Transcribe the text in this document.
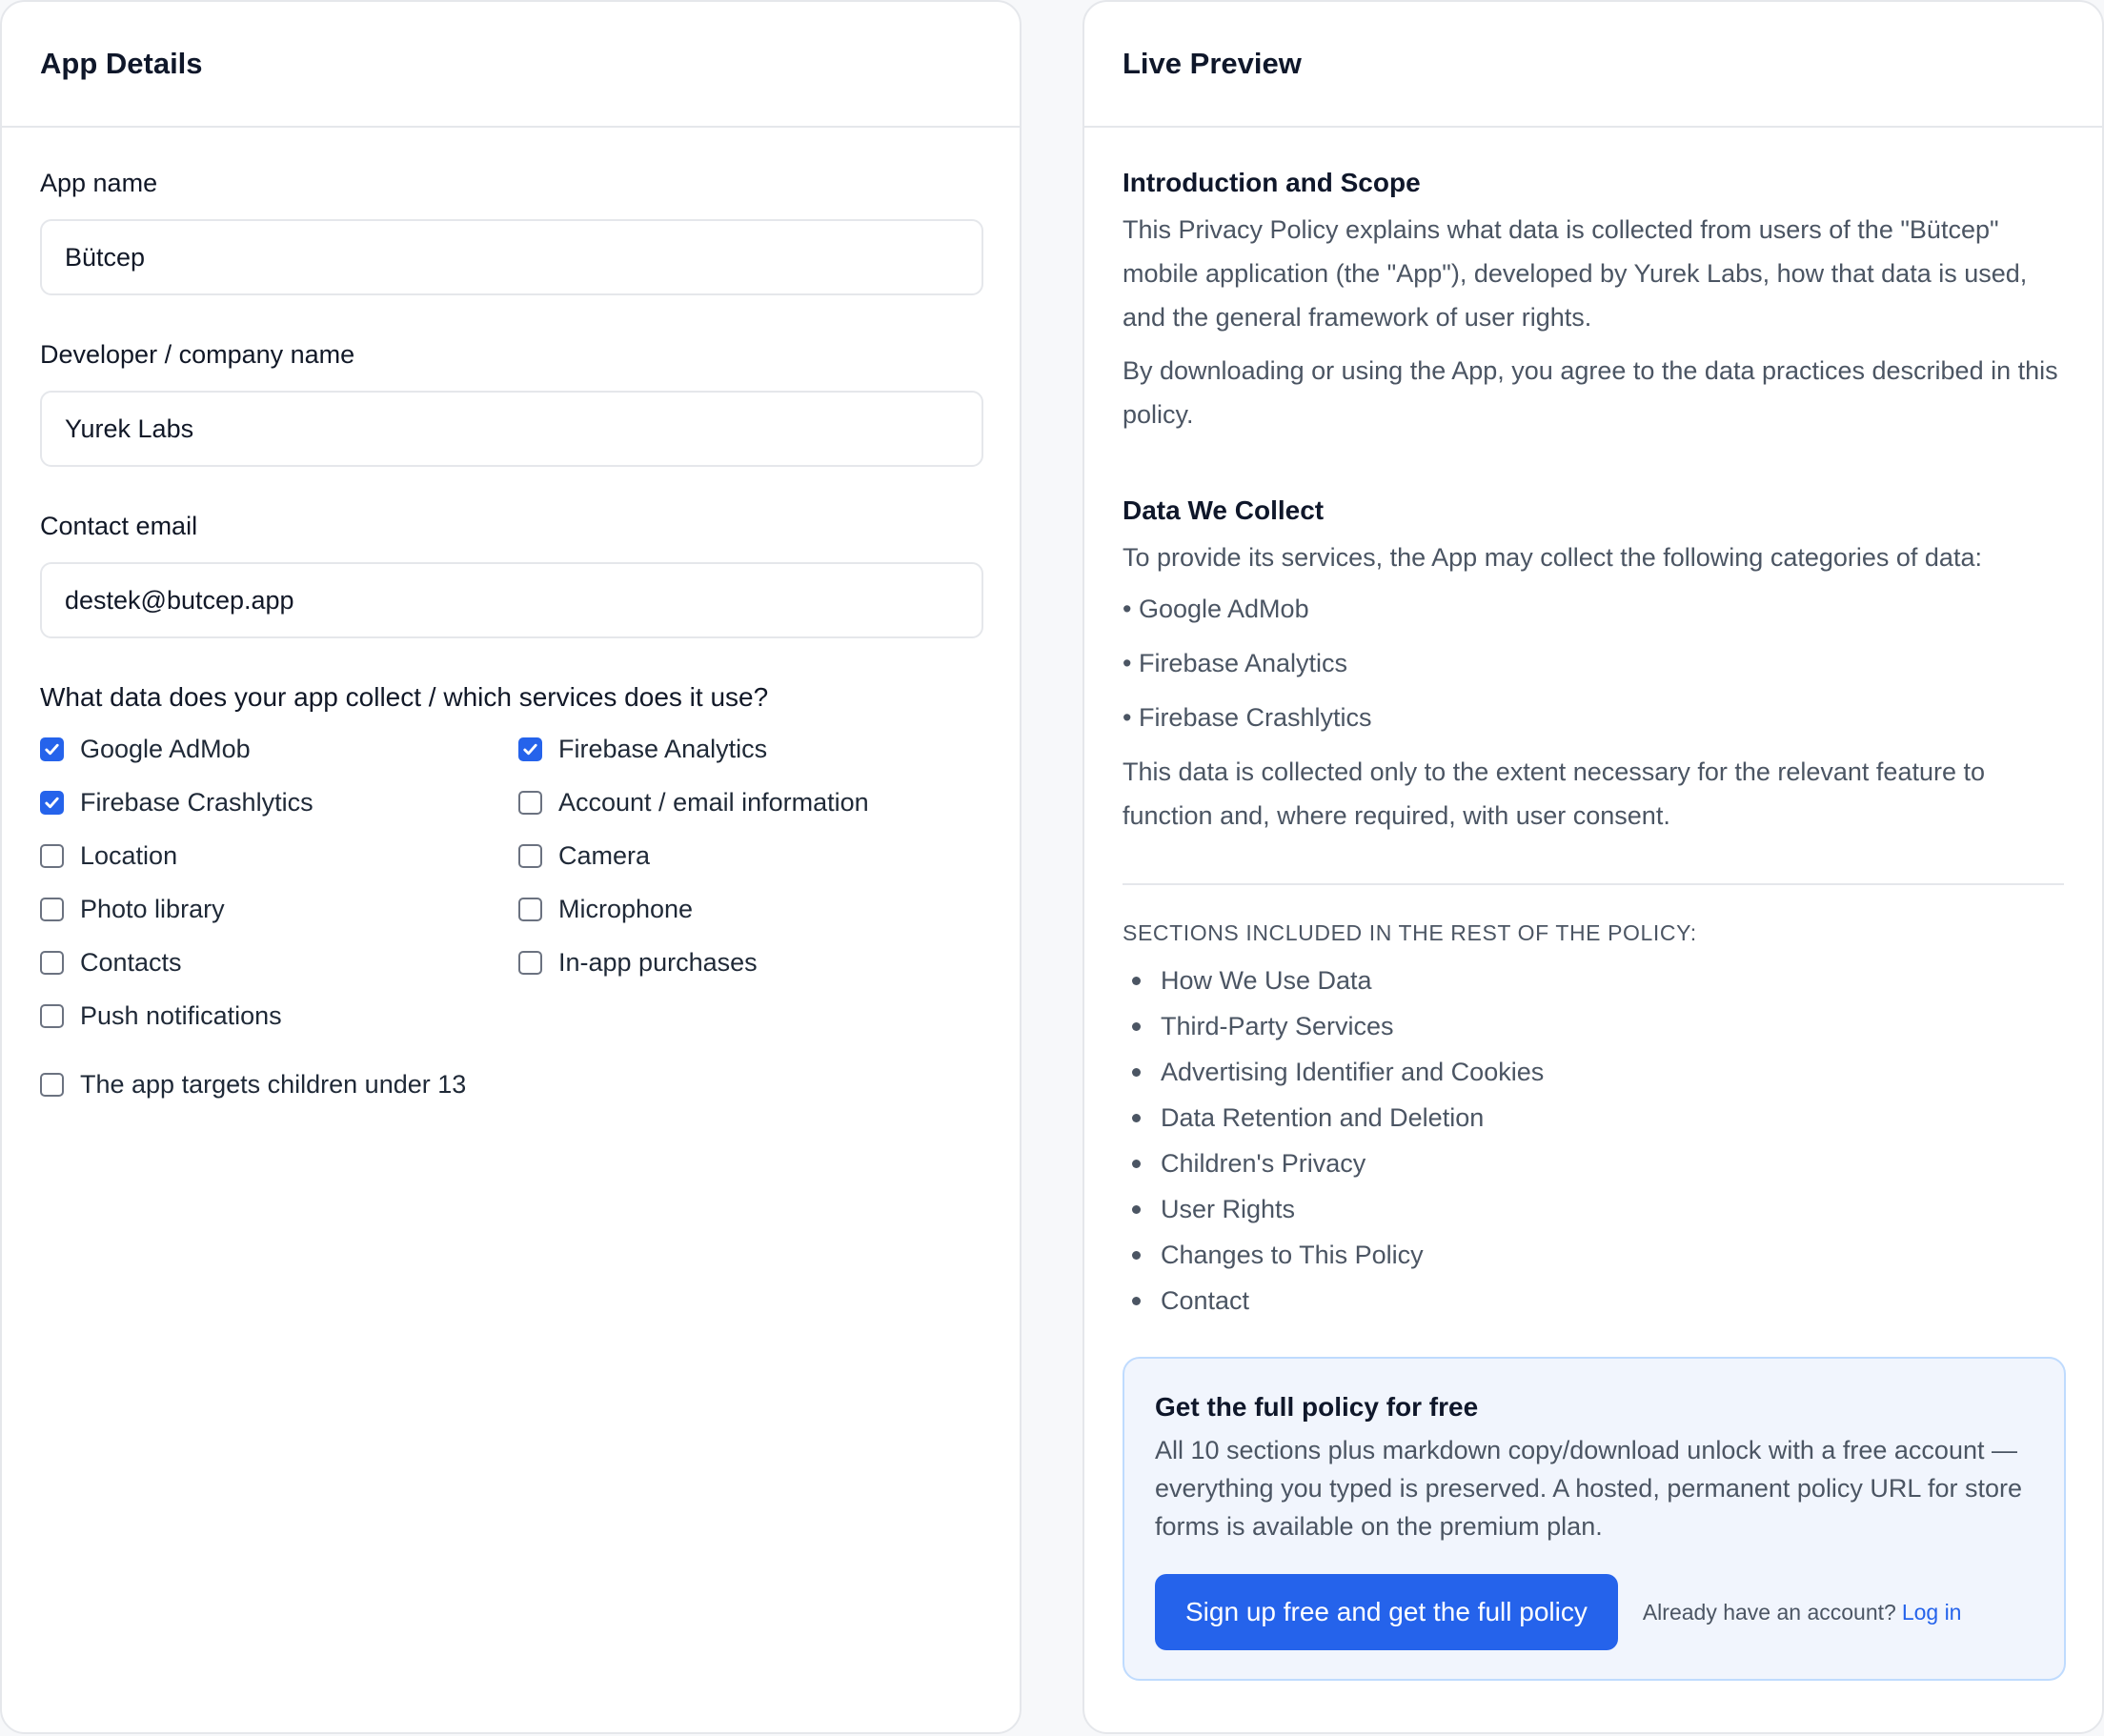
App Details
App name
Bütcep
Developer / company name
Yurek Labs
Contact email
destek@butcep.app
What data does your app collect / which services does it use?
Google AdMob	Firebase Analytics
Firebase Crashlytics	Account / email information
Location	Camera
Photo library	Microphone
Contacts	In-app purchases
Push notifications
The app targets children under 13
Live Preview
Introduction and Scope

This Privacy Policy explains what data is collected from users of the "Bütcep" mobile application (the "App"), developed by Yurek Labs, how that data is used, and the general framework of user rights.

By downloading or using the App, you agree to the data practices described in this policy.

Data We Collect

To provide its services, the App may collect the following categories of data:

• Google AdMob
• Firebase Analytics
• Firebase Crashlytics

This data is collected only to the extent necessary for the relevant feature to function and, where required, with user consent.

SECTIONS INCLUDED IN THE REST OF THE POLICY:
How We Use Data
Third-Party Services
Advertising Identifier and Cookies
Data Retention and Deletion
Children's Privacy
User Rights
Changes to This Policy
Contact
Get the full policy for free

All 10 sections plus markdown copy/download unlock with a free account — everything you typed is preserved. A hosted, permanent policy URL for store forms is available on the premium plan.

Sign up free and get the full policy	Already have an account? Log in
